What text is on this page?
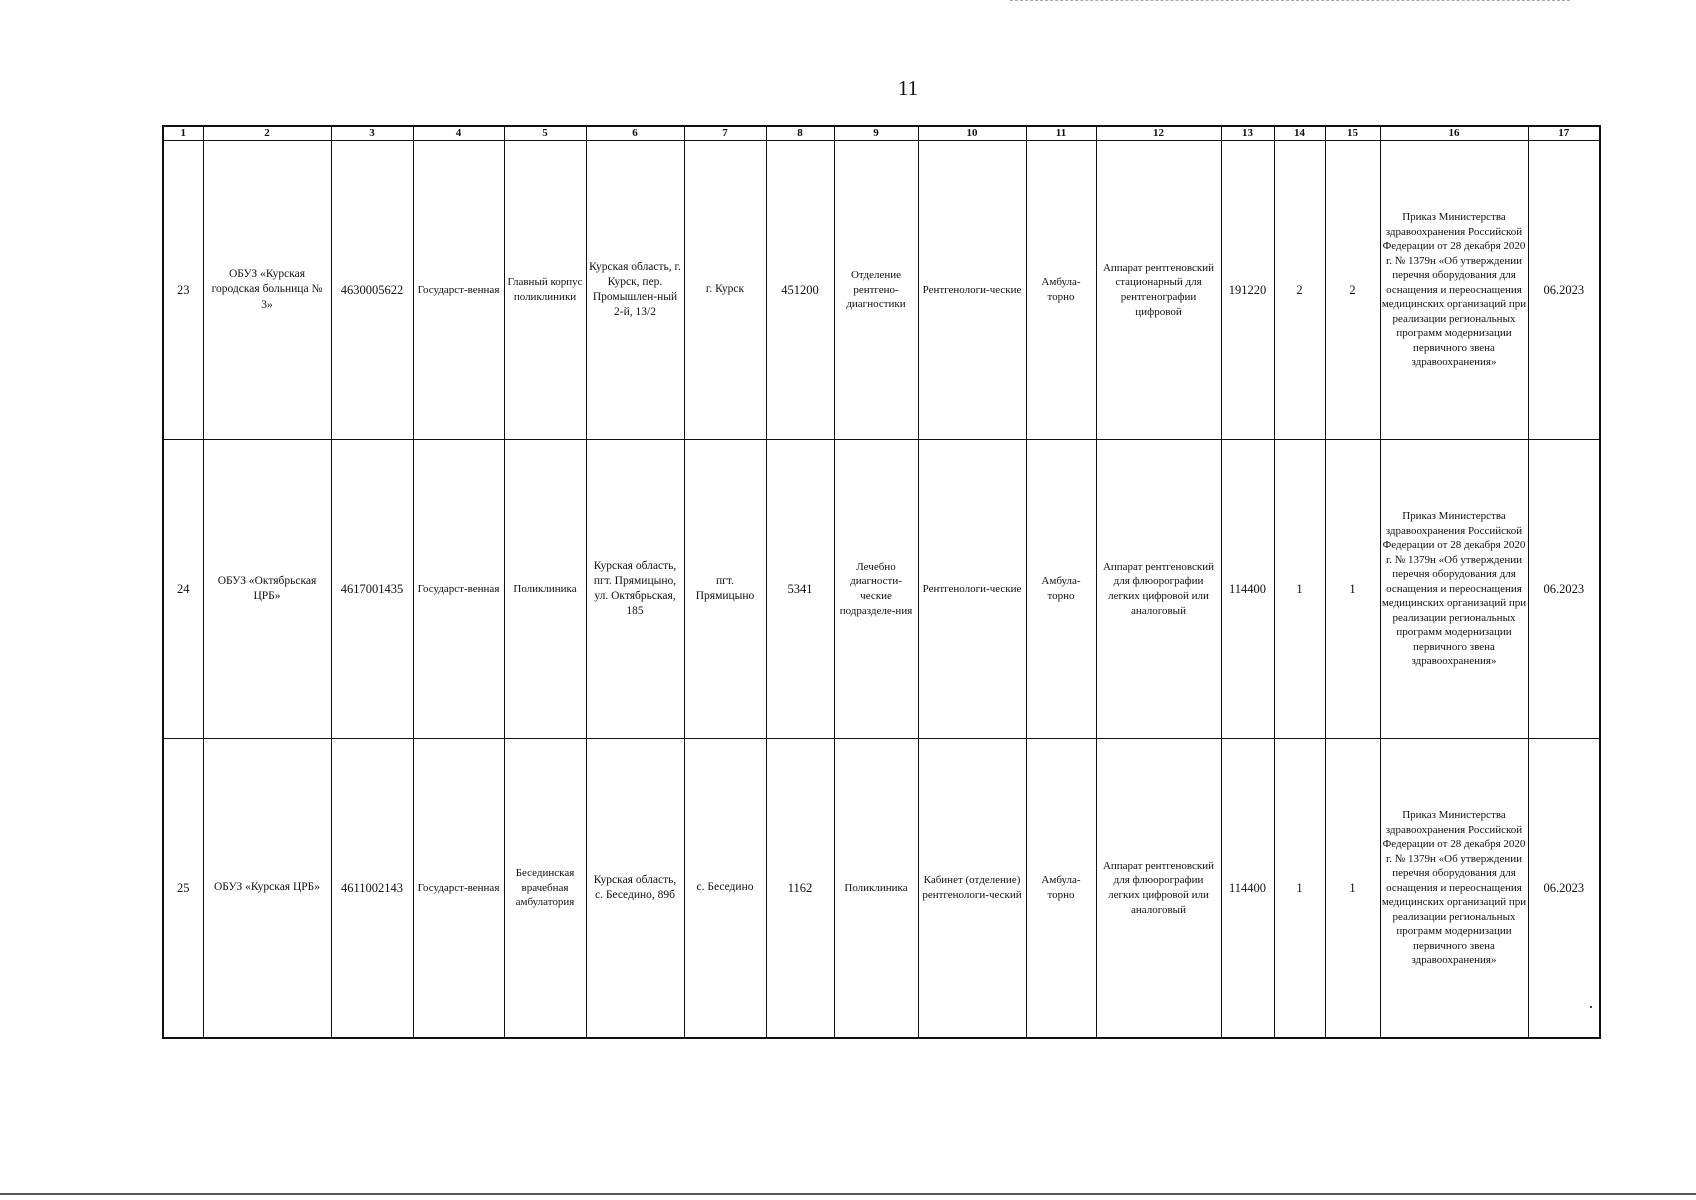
11
1	2	3	4	5	6	7	8	9	10	11	12	13	14	15	16	17
23	ОБУЗ «Курская городская больница № 3»	4630005622	Государст-венная	Главный корпус поликлиники	Курская область, г. Курск, пер. Промышлен-ный 2-й, 13/2	г. Курск	451200	Отделение рентгено-диагностики	Рентгенологи-ческие	Амбула-торно	Аппарат рентгеновский стационарный для рентгенографии цифровой	191220	2	2	Приказ Министерства здравоохранения Российской Федерации от 28 декабря 2020 г. № 1379н «Об утверждении перечня оборудования для оснащения и переоснащения медицинских организаций при реализации региональных программ модернизации первичного звена здравоохранения»	06.2023
24	ОБУЗ «Октябрьская ЦРБ»	4617001435	Государст-венная	Поликлиника	Курская область, пгт. Прямицыно, ул. Октябрьская, 185	пгт. Прямицыно	5341	Лечебно диагности-ческие подразделе-ния	Рентгенологи-ческие	Амбула-торно	Аппарат рентгеновский для флюорографии легких цифровой или аналоговый	114400	1	1	Приказ Министерства здравоохранения Российской Федерации от 28 декабря 2020 г. № 1379н «Об утверждении перечня оборудования для оснащения и переоснащения медицинских организаций при реализации региональных программ модернизации первичного звена здравоохранения»	06.2023
25	ОБУЗ «Курская ЦРБ»	4611002143	Государст-венная	Бесединская врачебная амбулатория	Курская область, с. Беседино, 89б	с. Беседино	1162	Поликлиника	Кабинет (отделение) рентгенологи-ческий	Амбула-торно	Аппарат рентгеновский для флюорографии легких цифровой или аналоговый	114400	1	1	Приказ Министерства здравоохранения Российской Федерации от 28 декабря 2020 г. № 1379н «Об утверждении перечня оборудования для оснащения и переоснащения медицинских организаций при реализации региональных программ модернизации первичного звена здравоохранения»	06.2023
